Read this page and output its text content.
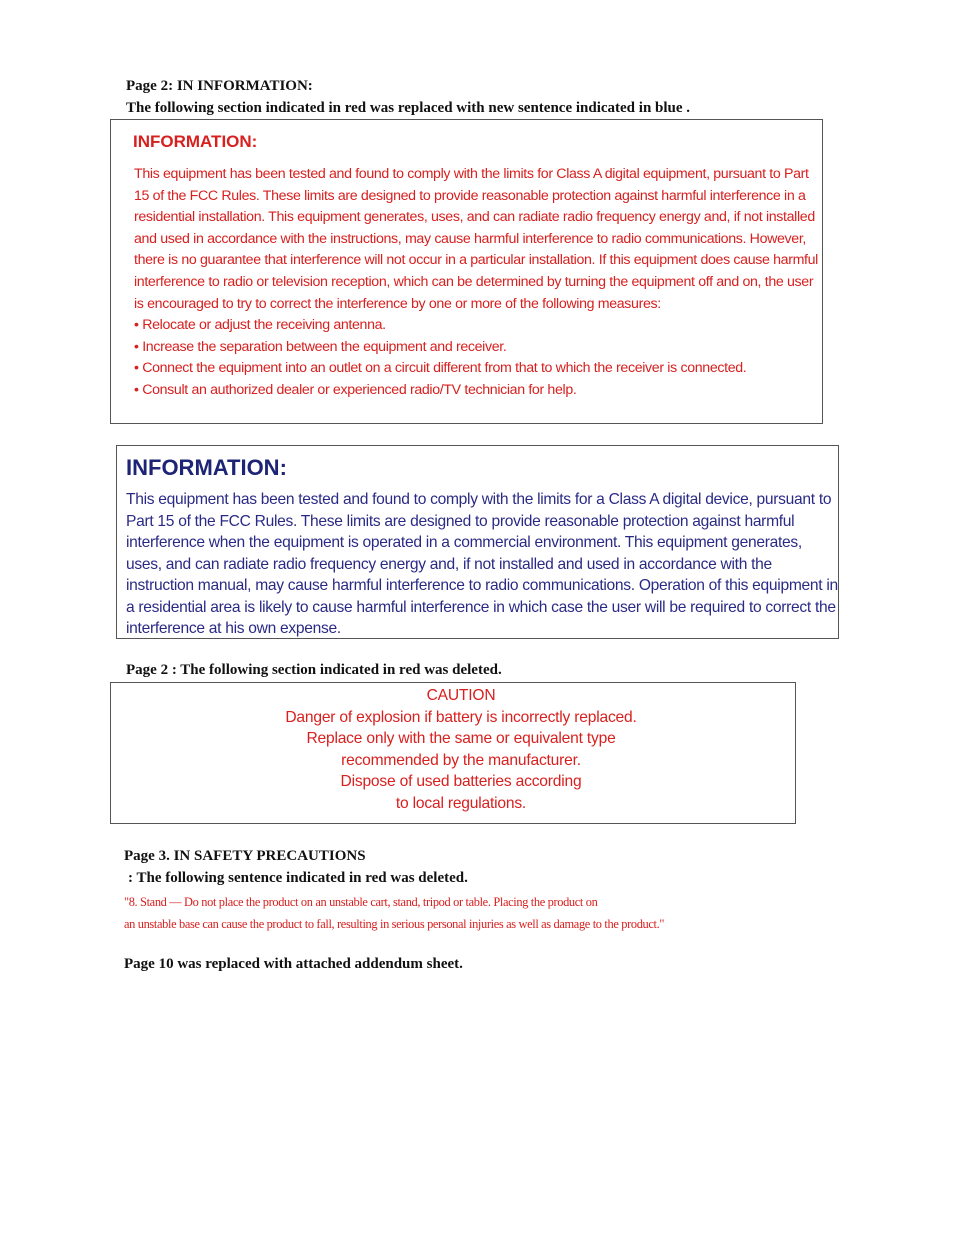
Page 2: IN INFORMATION:
The following section indicated in red was replaced with new sentence indicated in blue .
INFORMATION:

This equipment has been tested and found to comply with the limits for Class A digital equipment, pursuant to Part 15 of the FCC Rules. These limits are designed to provide reasonable protection against harmful interference in a residential installation. This equipment generates, uses, and can radiate radio frequency energy and, if not installed and used in accordance with the instructions, may cause harmful interference to radio communications. However, there is no guarantee that interference will not occur in a particular installation. If this equipment does cause harmful interference to radio or television reception, which can be determined by turning the equipment off and on, the user is encouraged to try to correct the interference by one or more of the following measures:

• Relocate or adjust the receiving antenna.
• Increase the separation between the equipment and receiver.
• Connect the equipment into an outlet on a circuit different from that to which the receiver is connected.
• Consult an authorized dealer or experienced radio/TV technician for help.
INFORMATION:

This equipment has been tested and found to comply with the limits for a Class A digital device, pursuant to Part 15 of the FCC Rules. These limits are designed to provide reasonable protection against harmful interference when the equipment is operated in a commercial environment. This equipment generates, uses, and can radiate radio frequency energy and, if not installed and used in accordance with the instruction manual, may cause harmful interference to radio communications. Operation of this equipment in a residential area is likely to cause harmful interference in which case the user will be required to correct the interference at his own expense.

Page 2 : The following section indicated in red was deleted.
CAUTION
Danger of explosion if battery is incorrectly replaced.
Replace only with the same or equivalent type
recommended by the manufacturer.
Dispose of used batteries according
to local regulations.
Page 3. IN SAFETY PRECAUTIONS
: The following sentence indicated in red was deleted.
"8. Stand — Do not place the product on an unstable cart, stand, tripod or table. Placing the product on
an unstable base can cause the product to fall, resulting in serious personal injuries as well as damage to the product."
Page 10 was replaced with attached addendum sheet.
